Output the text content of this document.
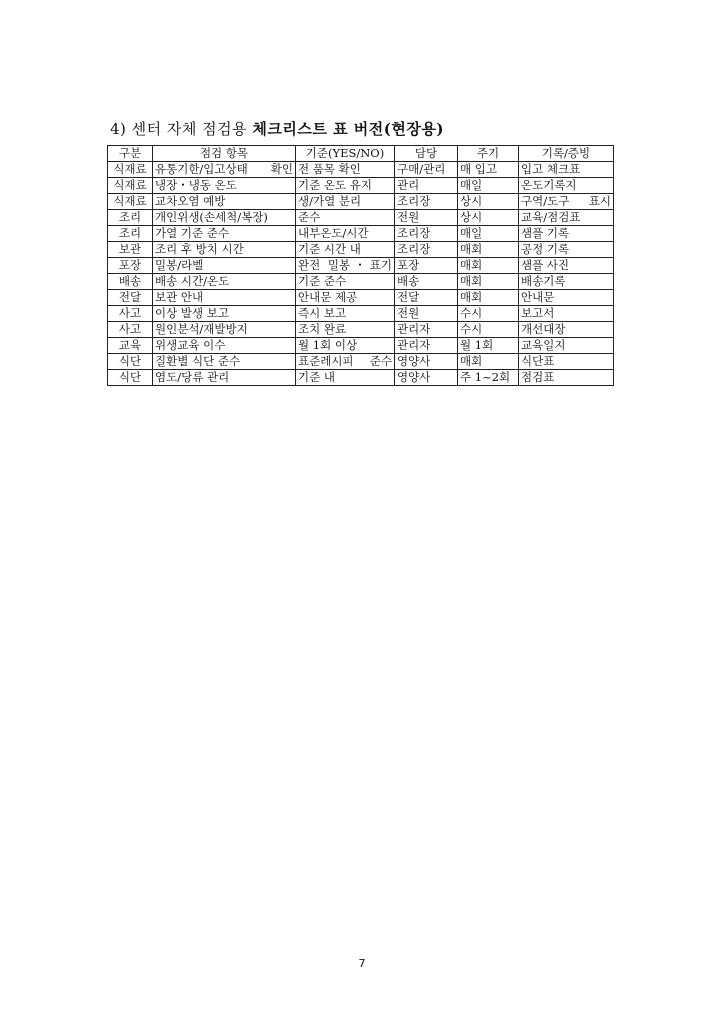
4) 센터 자체 점검용 체크리스트 표 버전(현장용)
구분	점검 항목	기준(YES/NO)	담당	주기	기록/증빙
식재료	유통기한/입고상태 확인	전 품목 확인	구매/관리	매 입고	입고 체크표
식재료	냉장・냉동 온도	기준 온도 유지	관리	매일	온도기록지
식재료	교차오염 예방	생/가열 분리	조리장	상시	구역/도구 표시

조리	개인위생(손세척/복장)	준수	전원	상시	교육/점검표
조리	가열 기준 준수	내부온도/시간	조리장	매일	샘플 기록
보관	조리 후 방치 시간	기준 시간 내	조리장	매회	공정 기록
포장	밀봉/라벨	완전 밀봉・표기	포장	매회	샘플 사진
배송	배송 시간/온도	기준 준수	배송	매회	배송기록
전달	보관 안내	안내문 제공	전달	매회	안내문
사고	이상 발생 보고	즉시 보고	전원	수시	보고서
사고	원인분석/재발방지	조치 완료	관리자	수시	개선대장
교육	위생교육 이수	월 1회 이상	관리자	월 1회	교육일지
식단	질환별 식단 준수	표준레시피 준수	영양사	매회	식단표
식단	염도/당류 관리	기준 내	영양사	주 1~2회	점검표
7
